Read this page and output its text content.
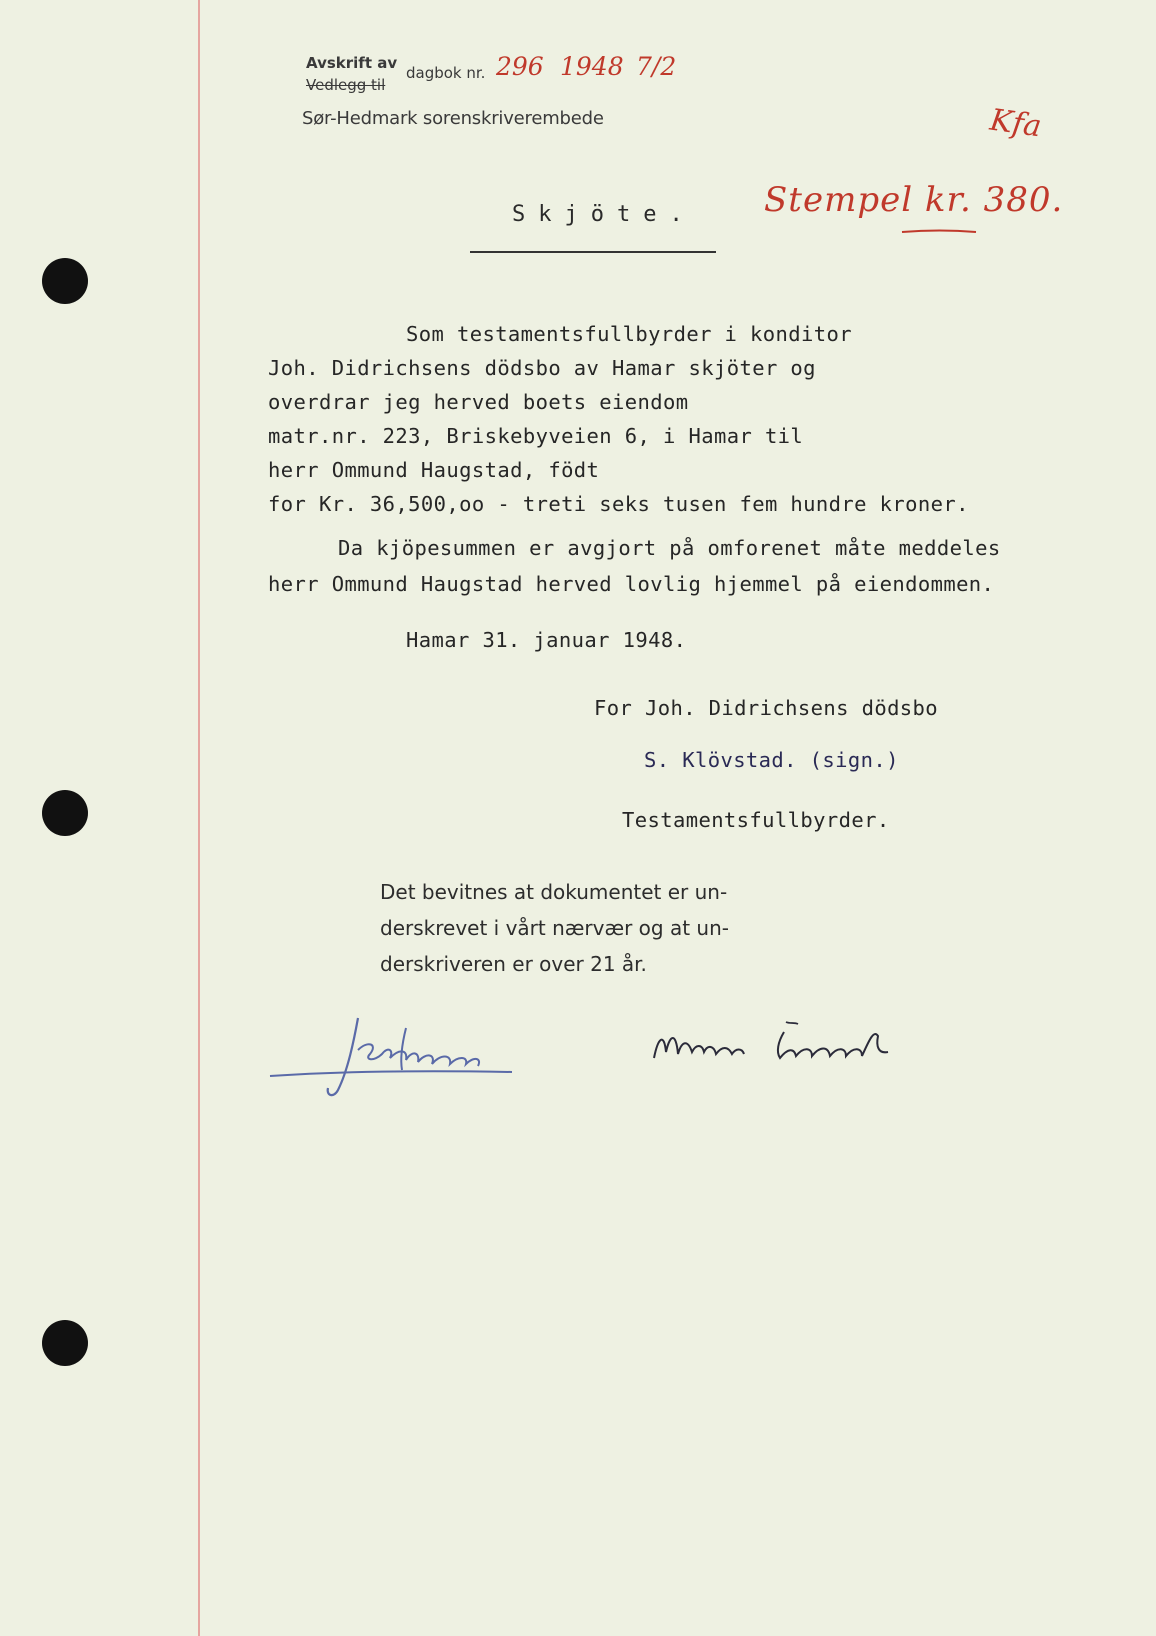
Avskrift av
Vedlegg til
dagbok nr. 296 1948 7/2
Sør-Hedmark sorenskriverembede	Kfa
Stempel kr. 380.
Skjöte.
Som testamentsfullbyrder i konditor
Joh. Didrichsens dödsbo av Hamar skjöter og
overdrar jeg herved boets eiendom
matr.nr. 223, Briskebyveien 6, i Hamar til
herr Ommund Haugstad, födt
for Kr. 36,500,oo - treti seks tusen fem hundre kroner.
Da kjöpesummen er avgjort på omforenet måte meddeles
herr Ommund Haugstad herved lovlig hjemmel på eiendommen.
Hamar 31. januar 1948.
For Joh. Didrichsens dödsbo
S. Klövstad. (sign.)
Testamentsfullbyrder.
Det bevitnes at dokumentet er un-
derskrevet i vårt nærvær og at un-
derskriveren er over 21 år.
